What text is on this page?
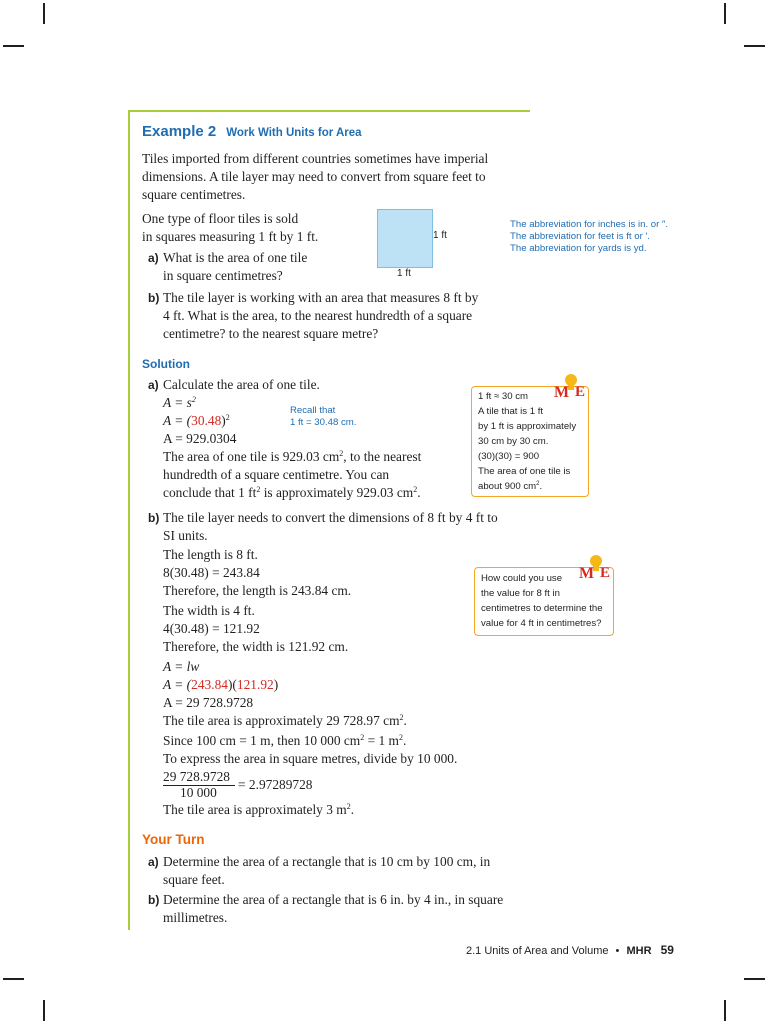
Example 2 Work With Units for Area
Tiles imported from different countries sometimes have imperial
dimensions. A tile layer may need to convert from square feet to
square centimetres.
One type of floor tiles is sold
in squares measuring 1 ft by 1 ft.
a) What is the area of one tile
in square centimetres?
1 ft
1 ft
The abbreviation for inches is in. or ″.
The abbreviation for feet is ft or ′.
The abbreviation for yards is yd.
b) The tile layer is working with an area that measures 8 ft by
4 ft. What is the area, to the nearest hundredth of a square
centimetre? to the nearest square metre?
Solution
a) Calculate the area of one tile.
$A = s^2$
$A = (30.48)^2$
A = 929.0304
Recall that
1 ft = 30.48 cm.
The area of one tile is 929.03 $cm^2$, to the nearest
hundredth of a square centimetre. You can
conclude that 1 $ft^2$ is approximately 929.03 $cm^2$.
1 ft ≈ 30 cm
A tile that is 1 ft
by 1 ft is approximately
30 cm by 30 cm.
(30)(30) = 900
The area of one tile is
about 900 $cm^2$.
M E
b) The tile layer needs to convert the dimensions of 8 ft by 4 ft to
SI units.
The length is 8 ft.
8(30.48) = 243.84
Therefore, the length is 243.84 cm.
The width is 4 ft.
4(30.48) = 121.92
Therefore, the width is 121.92 cm.
A = lw
A = (243.84)(121.92)
A = 29 728.9728
The tile area is approximately 29 728.97 $cm^2$.
Since 100 cm = 1 m, then 10 000 $cm^2 = 1$ $m^2$.
To express the area in square metres, divide by 10 000.
29 728.9728
10 000
= 2.97289728
The tile area is approximately 3 $m^2$.
How could you use
the value for 8 ft in
centimetres to determine the
value for 4 ft in centimetres?
M E
Your Turn
a) Determine the area of a rectangle that is 10 cm by 100 cm, in
square feet.
b) Determine the area of a rectangle that is 6 in. by 4 in., in square
millimetres.
2.1 Units of Area and Volume • MHR 59
